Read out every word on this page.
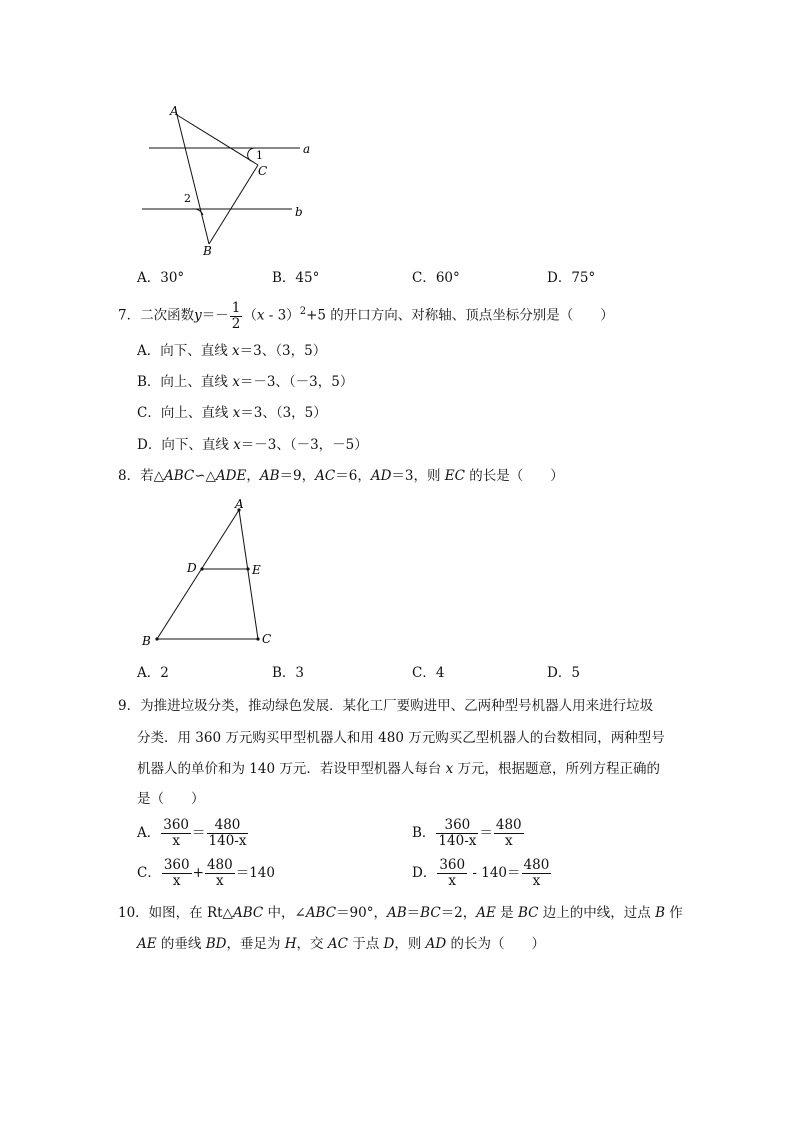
A
a
1
C
2
b
B
A．30°	B．45°	C．60°	D．75°
7．二次函数$y=- \frac{1}{2} (x - 3)^2+5$ 的开口方向、对称轴、顶点坐标分别是（　　）
A．向下、直线 x＝3、（3，5）
B．向上、直线 x＝－3、（－3，5）
C．向上、直线 x＝3、（3，5）
D．向下、直线 x＝－3、（－3，－5）
8．若△ABC∽△ADE，AB＝9，AC＝6，AD＝3，则 EC 的长是（　　）
A
D	E
B	C
A．2	B．3	C．4	D．5
9．为推进垃圾分类，推动绿色发展．某化工厂要购进甲、乙两种型号机器人用来进行垃圾
分类．用 360 万元购买甲型机器人和用 480 万元购买乙型机器人的台数相同，两种型号
机器人的单价和为 140 万元．若设甲型机器人每台 x 万元，根据题意，所列方程正确的
是（　　）
A． $\frac{360}{x} = \frac{480}{140-x}$	B． $\frac{360}{140-x} = \frac{480}{x}$
C． $\frac{360}{x} + \frac{480}{x} =140$	D． $\frac{360}{x} - 140= \frac{480}{x}$
10．如图，在 Rt△ABC 中，∠ABC＝90°，AB＝BC＝2，AE 是 BC 边上的中线，过点 B 作
AE 的垂线 BD，垂足为 H，交 AC 于点 D，则 AD 的长为（　　）
